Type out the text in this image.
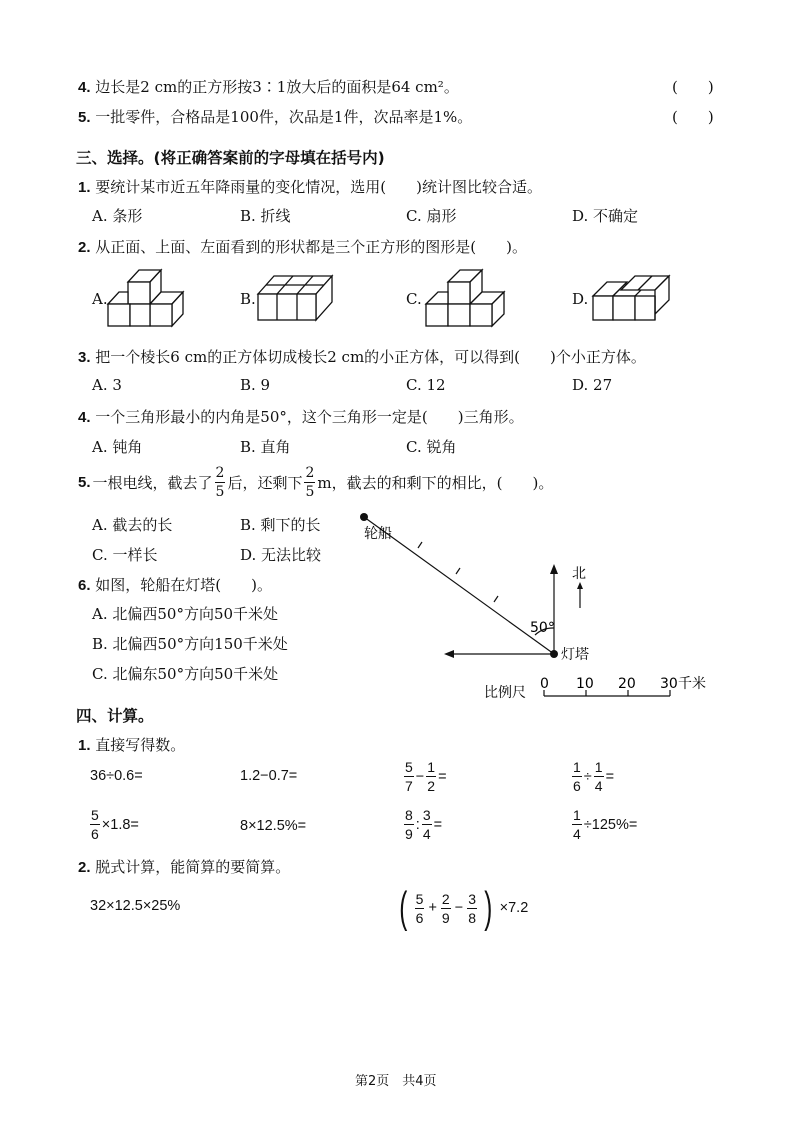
4. 边长是2 cm的正方形按3∶1放大后的面积是64 cm²。	(　　)
5. 一批零件，合格品是100件，次品是1件，次品率是1%。	(　　)
三、选择。(将正确答案前的字母填在括号内)
1. 要统计某市近五年降雨量的变化情况，选用(　　)统计图比较合适。
A. 条形	B. 折线	C. 扇形	D. 不确定
2. 从正面、上面、左面看到的形状都是三个正方形的图形是(　　)。
A.	B.	C.	D.
3. 把一个棱长6 cm的正方体切成棱长2 cm的小正方体，可以得到(　　)个小正方体。
A. 3	B. 9	C. 12	D. 27
4. 一个三角形最小的内角是50°，这个三角形一定是(　　)三角形。
A. 钝角	B. 直角	C. 锐角
5. 一根电线，截去了 $\frac{2}{5}$ 后，还剩下 $\frac{2}{5}$ m，截去的和剩下的相比，(　　)。
A. 截去的长	B. 剩下的长
C. 一样长	D. 无法比较
6. 如图，轮船在灯塔(　　)。
A. 北偏西50°方向50千米处
B. 北偏西50°方向150千米处
C. 北偏东50°方向50千米处
轮船
北
50°
灯塔
比例尺
0 10 20 30 千米
四、计算。
1. 直接写得数。
36÷0.6=	1.2−0.7=	$\frac{5}{7} - \frac{1}{2}$ =	$\frac{1}{6} \div \frac{1}{4}$ =
$\frac{5}{6} \times 1.8=$	8×12.5%=	$\frac{8}{9}$ : $\frac{3}{4}$ =	$\frac{1}{4} \div 125\%=$
2. 脱式计算，能简算的要简算。
32×12.5×25%	( $\frac{5}{6} + \frac{2}{9} - \frac{3}{8}$ ) ×7.2
第2页　共4页
